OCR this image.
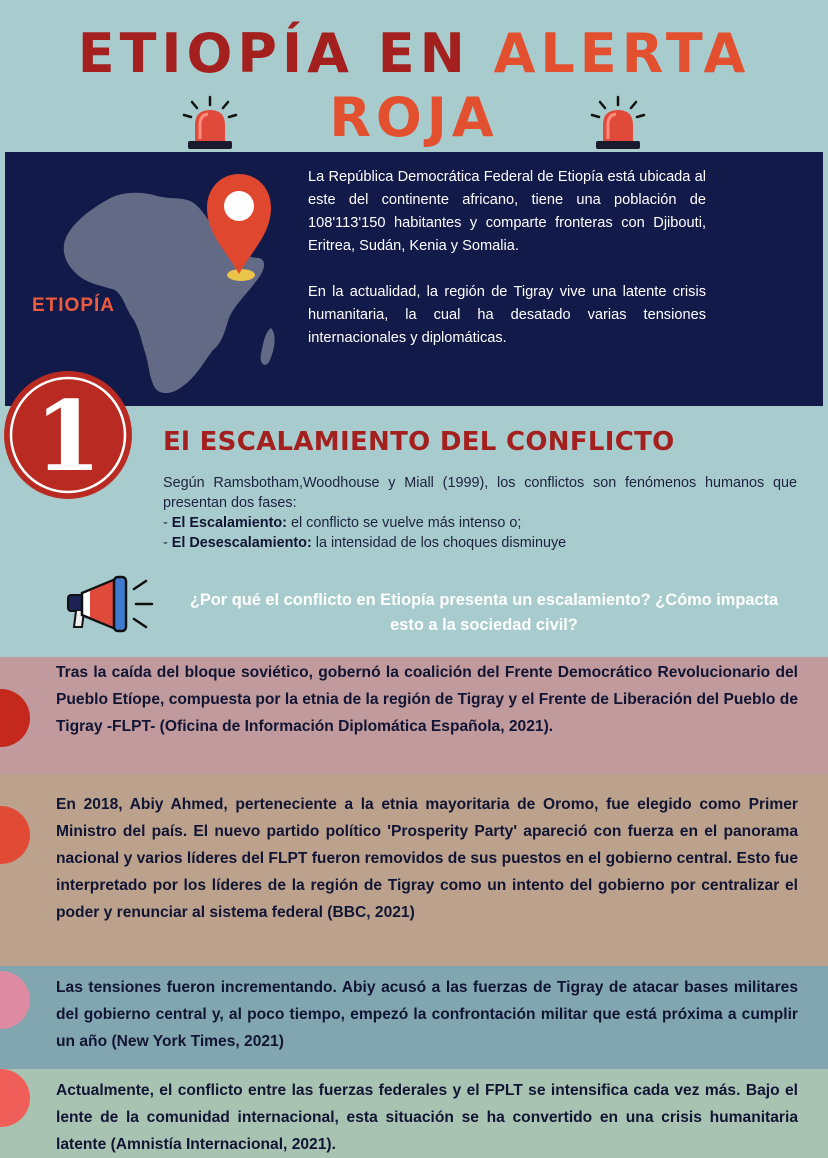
ETIOPÍA EN ALERTA
ROJA
ETIOPÍA

La República Democrática Federal de Etiopía está ubicada al este del continente africano, tiene una población de 108'113'150 habitantes y comparte fronteras con Djibouti, Eritrea, Sudán, Kenia y Somalia.

En la actualidad, la región de Tigray vive una latente crisis humanitaria, la cual ha desatado varias tensiones internacionales y diplomáticas.

Tras la caída del bloque soviético, gobernó la coalición del Frente Democrático Revolucionario del Pueblo Etíope, compuesta por la etnia de la región de Tigray y el Frente de Liberación del Pueblo de Tigray -FLPT- (Oficina de Información Diplomática Española, 2021).
En 2018, Abiy Ahmed, perteneciente a la etnia mayoritaria de Oromo, fue elegido como Primer Ministro del país. El nuevo partido político 'Prosperity Party' apareció con fuerza en el panorama nacional y varios líderes del FLPT fueron removidos de sus puestos en el gobierno central. Esto fue interpretado por los líderes de la región de Tigray como un intento del gobierno por centralizar el poder y renunciar al sistema federal (BBC, 2021)
Las tensiones fueron incrementando. Abiy acusó a las fuerzas de Tigray de atacar bases militares del gobierno central y, al poco tiempo, empezó la confrontación militar que está próxima a cumplir un año (New York Times, 2021)
Actualmente, el conflicto entre las fuerzas federales y el FPLT se intensifica cada vez más. Bajo el lente de la comunidad internacional, esta situación se ha convertido en una crisis humanitaria latente (Amnistía Internacional, 2021).
1 El ESCALAMIENTO DEL CONFLICTO
Según Ramsbotham,Woodhouse y Miall (1999), los conflictos son fenómenos humanos que presentan dos fases:
- El Escalamiento: el conflicto se vuelve más intenso o;
- El Desescalamiento: la intensidad de los choques disminuye
¿Por qué el conflicto en Etiopía presenta un escalamiento? ¿Cómo impacta esto a la sociedad civil?
